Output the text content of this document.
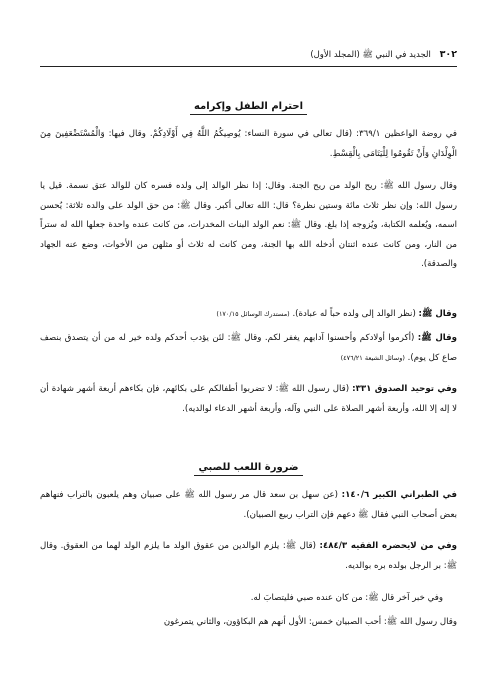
٣٠٢ الجديد في النبي ﷺ (المجلد الأول)
احترام الطفل وإكرامه
في روضة الواعظين ٣٦٩/١: (قال تعالى في سورة النساء: يُوصِيكُمُ اللَّهُ فِي أَوْلَادِكُمْ. وقال فيها: وَالْمُسْتَضْعَفِينَ مِنَ الْوِلْدَانِ وَأَنْ تَقُومُوا لِلْيَتَامَى بِالْقِسْطِ.
وقال رسول الله ﷺ: ريح الولد من ريح الجنة. وقال: إذا نظر الوالد إلى ولده فسره كان للوالد عتق نسمة. قيل يا رسول الله: وإن نظر ثلاث مائة وستين نظرة؟ قال: الله تعالى أكبر. وقال ﷺ: من حق الولد على والده ثلاثة: يُحسن اسمه، ويُعلمه الكتابة، ويُزوجه إذا بلغ. وقال ﷺ: نعم الولد البنات المخدرات، من كانت عنده واحدة جعلها الله له ستراً من النار، ومن كانت عنده اثنتان أدخله الله بها الجنة، ومن كانت له ثلاث أو مثلهن من الأخوات، وضع عنه الجهاد والصدقة).
وقال ﷺ: (نظر الوالد إلى ولده حباً له عبادة). (مستدرك الوسائل ١٧٠/١٥)
وقال ﷺ: (أكرموا أولادكم وأحسنوا آدابهم يغفر لكم. وقال ﷺ: لئن يؤدب أحدكم ولده خير له من أن يتصدق بنصف صاع كل يوم). (وسائل الشيعة ٤٧٦/٢١)
وفي توحيد الصدوق ٣٣١: (قال رسول الله ﷺ: لا تضربوا أطفالكم على بكائهم، فإن بكاءهم أربعة أشهر شهادة أن لا إله إلا الله، وأربعة أشهر الصلاة على النبي وآله، وأربعة أشهر الدعاء لوالديه).
ضرورة اللعب للصبي
في الطبراني الكبير ١٤٠/٦: (عن سهل بن سعد قال مر رسول الله ﷺ على صبيان وهم يلعبون بالتراب فنهاهم بعض أصحاب النبي فقال ﷺ دعهم فإن التراب ربيع الصبيان).
وفي من لايحضره الفقيه ٤٨٤/٣: (قال ﷺ: يلزم الوالدين من عقوق الولد ما يلزم الولد لهما من العقوق. وقال ﷺ: بر الرجل بولده بره بوالديه.
وفي خبر آخر قال ﷺ: من كان عنده صبي فليتصابَ له.
وقال رسول الله ﷺ: أحب الصبيان خمس: الأول أنهم هم البكاؤون، والثاني يتمرغون
